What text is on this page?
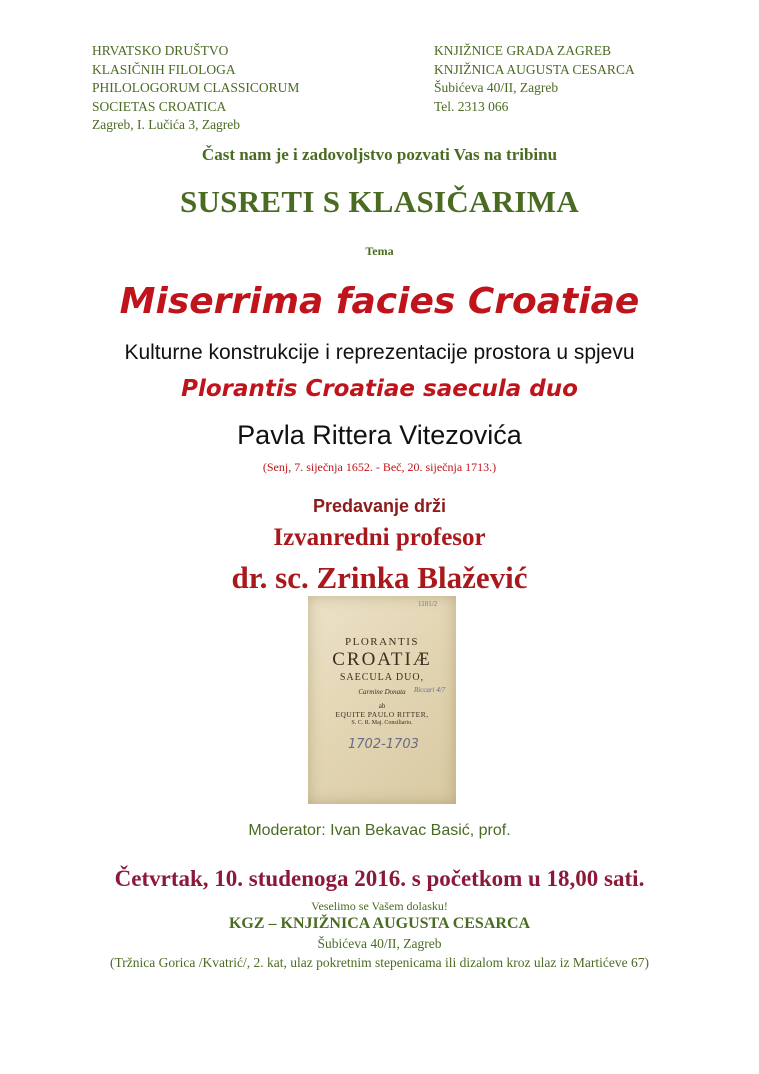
HRVATSKO DRUŠTVO
KLASIČNIH FILOLOGA
PHILOLOGORUM CLASSICORUM
SOCIETAS CROATICA
Zagreb, I. Lučića 3, Zagreb
KNJIŽNICE GRADA ZAGREB
KNJIŽNICA AUGUSTA CESARCA
Šubićeva 40/II, Zagreb
Tel. 2313 066
Čast nam je i zadovoljstvo pozvati Vas na tribinu
SUSRETI S KLASIČARIMA
Tema
Miserrima facies Croatiae
Kulturne konstrukcije i reprezentacije prostora u spjevu
Plorantis Croatiae saecula duo
Pavla Rittera Vitezovića
(Senj, 7. siječnja 1652. - Beč, 20. siječnja 1713.)
Predavanje drži
Izvanredni profesor
dr. sc. Zrinka Blažević
1101/2
PLORANTIS
CROATIÆ
SAECULA DUO,
Carmine Donata	Biccari 4/7
ab
EQUITE PAULO RITTER,
S. C. R. Maj. Consiliario.
1702-1703
Moderator: Ivan Bekavac Basić, prof.
Četvrtak, 10. studenoga 2016. s početkom u 18,00 sati.
Veselimo se Vašem dolasku!
KGZ – KNJIŽNICA AUGUSTA CESARCA
Šubićeva 40/II, Zagreb
(Tržnica Gorica /Kvatrić/, 2. kat, ulaz pokretnim stepenicama ili dizalom kroz ulaz iz Martićeve 67)
